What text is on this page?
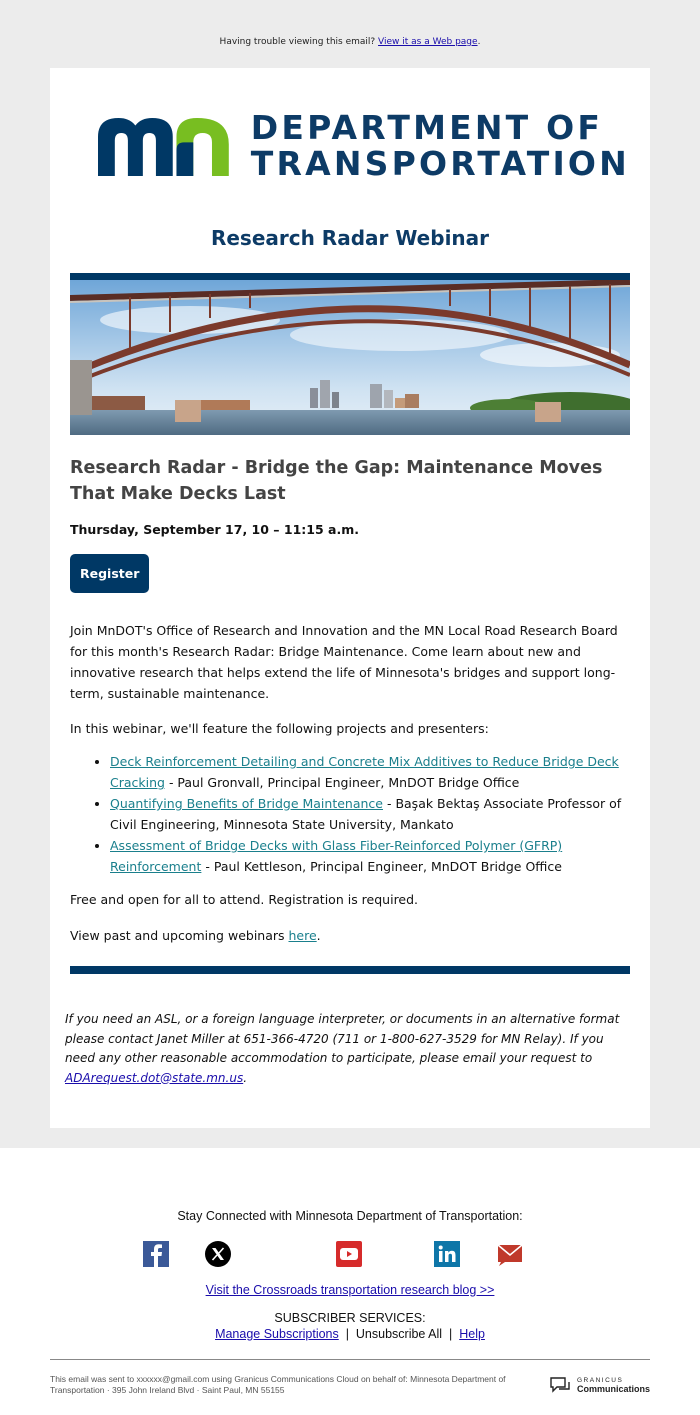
Having trouble viewing this email? View it as a Web page.
DEPARTMENT OF
TRANSPORTATION
Research Radar Webinar
Research Radar - Bridge the Gap: Maintenance Moves That Make Decks Last
Thursday, September 17, 10 – 11:15 a.m.
Register

Join MnDOT's Office of Research and Innovation and the MN Local Road Research Board for this month's Research Radar: Bridge Maintenance. Come learn about new and innovative research that helps extend the life of Minnesota's bridges and support long-term, sustainable maintenance.

In this webinar, we'll feature the following projects and presenters:

• Deck Reinforcement Detailing and Concrete Mix Additives to Reduce Bridge Deck Cracking - Paul Gronvall, Principal Engineer, MnDOT Bridge Office
• Quantifying Benefits of Bridge Maintenance - Başak Bektaş Associate Professor of Civil Engineering, Minnesota State University, Mankato
• Assessment of Bridge Decks with Glass Fiber-Reinforced Polymer (GFRP) Reinforcement - Paul Kettleson, Principal Engineer, MnDOT Bridge Office

Free and open for all to attend. Registration is required.

View past and upcoming webinars here.

If you need an ASL, or a foreign language interpreter, or documents in an alternative format please contact Janet Miller at 651-366-4720 (711 or 1-800-627-3529 for MN Relay). If you need any other reasonable accommodation to participate, please email your request to ADArequest.dot@state.mn.us.

Stay Connected with Minnesota Department of Transportation:
Visit the Crossroads transportation research blog >>
SUBSCRIBER SERVICES:
Manage Subscriptions | Unsubscribe All | Help
This email was sent to xxxxxx@gmail.com using Granicus Communications Cloud on behalf of: Minnesota Department of Transportation · 395 John Ireland Blvd · Saint Paul, MN 55155
GRANICUS
Communications
